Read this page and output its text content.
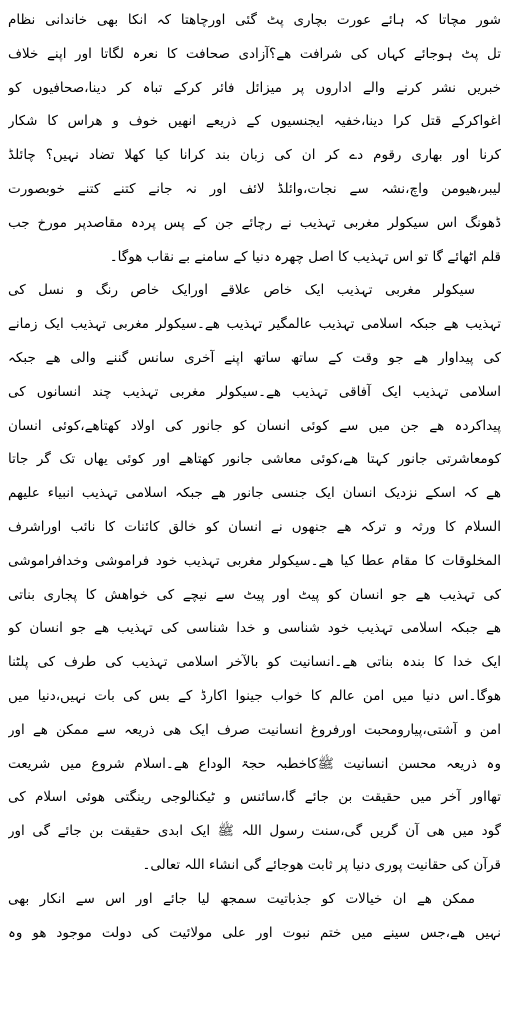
شور مچاتا کہ ہائے عورت بچاری پٹ گئی اورچاھتا کہ انکا بھی خاندانی نظام
تل پٹ ہوجائے کہاں کی شرافت ھے؟آزادی صحافت کا نعرہ لگاتا اور اپنے خلاف
خبریں نشر کرنے والے اداروں پر میزائل فائر کرکے تباہ کر دینا،صحافیوں کو
اغواکرکے قتل کرا دینا،خفیہ ایجنسیوں کے ذریعے انھیں خوف و ھراس کا شکار
کرنا اور بھاری رقوم دے کر ان کی زبان بند کرانا کیا کھلا تضاد نہیں؟ چائلڈ
لیبر،ھیومن واچ،نشہ سے نجات،وائلڈ لائف اور نہ جانے کتنے کتنے خوبصورت
ڈھونگ اس سیکولر مغربی تہذیب نے رچائے جن کے پس پردہ مقاصدپر مورخ جب
قلم اٹھائے گا تو اس تہذیب کا اصل چھرہ دنیا کے سامنے بے نقاب ھوگا۔
سیکولر مغربی تہذیب ایک خاص علاقے اورایک خاص رنگ و نسل کی
تہذیب ھے جبکہ اسلامی تہذیب عالمگیر تہذیب ھے۔سیکولر مغربی تہذیب ایک زمانے
کی پیداوار ھے جو وقت کے ساتھ ساتھ اپنے آخری سانس گننے والی ھے جبکہ
اسلامی تہذیب ایک آفاقی تہذیب ھے۔سیکولر مغربی تہذیب چند انسانوں کی
پیداکردہ ھے جن میں سے کوئی انسان کو جانور کی اولاد کھتاھے،کوئی انسان
کومعاشرتی جانور کہتا ھے،کوئی معاشی جانور کھتاھے اور کوئی یھاں تک گر جاتا
ھے کہ اسکے نزدیک انسان ایک جنسی جانور ھے جبکہ اسلامی تہذیب انبیاء علیھم
السلام کا ورثہ و ترکہ ھے جنھوں نے انسان کو خالق کائنات کا نائب اوراشرف
المخلوقات کا مقام عطا کیا ھے۔سیکولر مغربی تہذیب خود فراموشی وخدافراموشی
کی تہذیب ھے جو انسان کو پیٹ اور پیٹ سے نیچے کی خواھش کا پجاری بناتی
ھے جبکہ اسلامی تہذیب خود شناسی و خدا شناسی کی تہذیب ھے جو انسان کو
ایک خدا کا بندہ بناتی ھے۔انسانیت کو بالآخر اسلامی تہذیب کی طرف کی پلٹنا
ھوگا۔اس دنیا میں امن عالم کا خواب جینوا اکارڈ کے بس کی بات نہیں،دنیا میں
امن و آشتی،پیارومحبت اورفروغ انسانیت صرف ایک ھی ذریعہ سے ممکن ھے اور
وہ ذریعہ محسن انسانیت ﷺکاخطبہ حجۃ الوداع ھے۔اسلام شروع میں شریعت
تھااور آخر میں حقیقت بن جائے گا،سائنس و ٹیکنالوجی رینگتی ھوئی اسلام کی
گود میں ھی آن گریں گی،سنت رسول اللہ ﷺ ایک ابدی حقیقت بن جائے گی اور
قرآن کی حقانیت پوری دنیا پر ثابت ھوجائے گی انشاء اللہ تعالی۔
ممکن ھے ان خیالات کو جذباتیت سمجھ لیا جائے اور اس سے انکار بھی
نہیں ھے،جس سینے میں ختم نبوت اور علی مولائیت کی دولت موجود ھو وہ
